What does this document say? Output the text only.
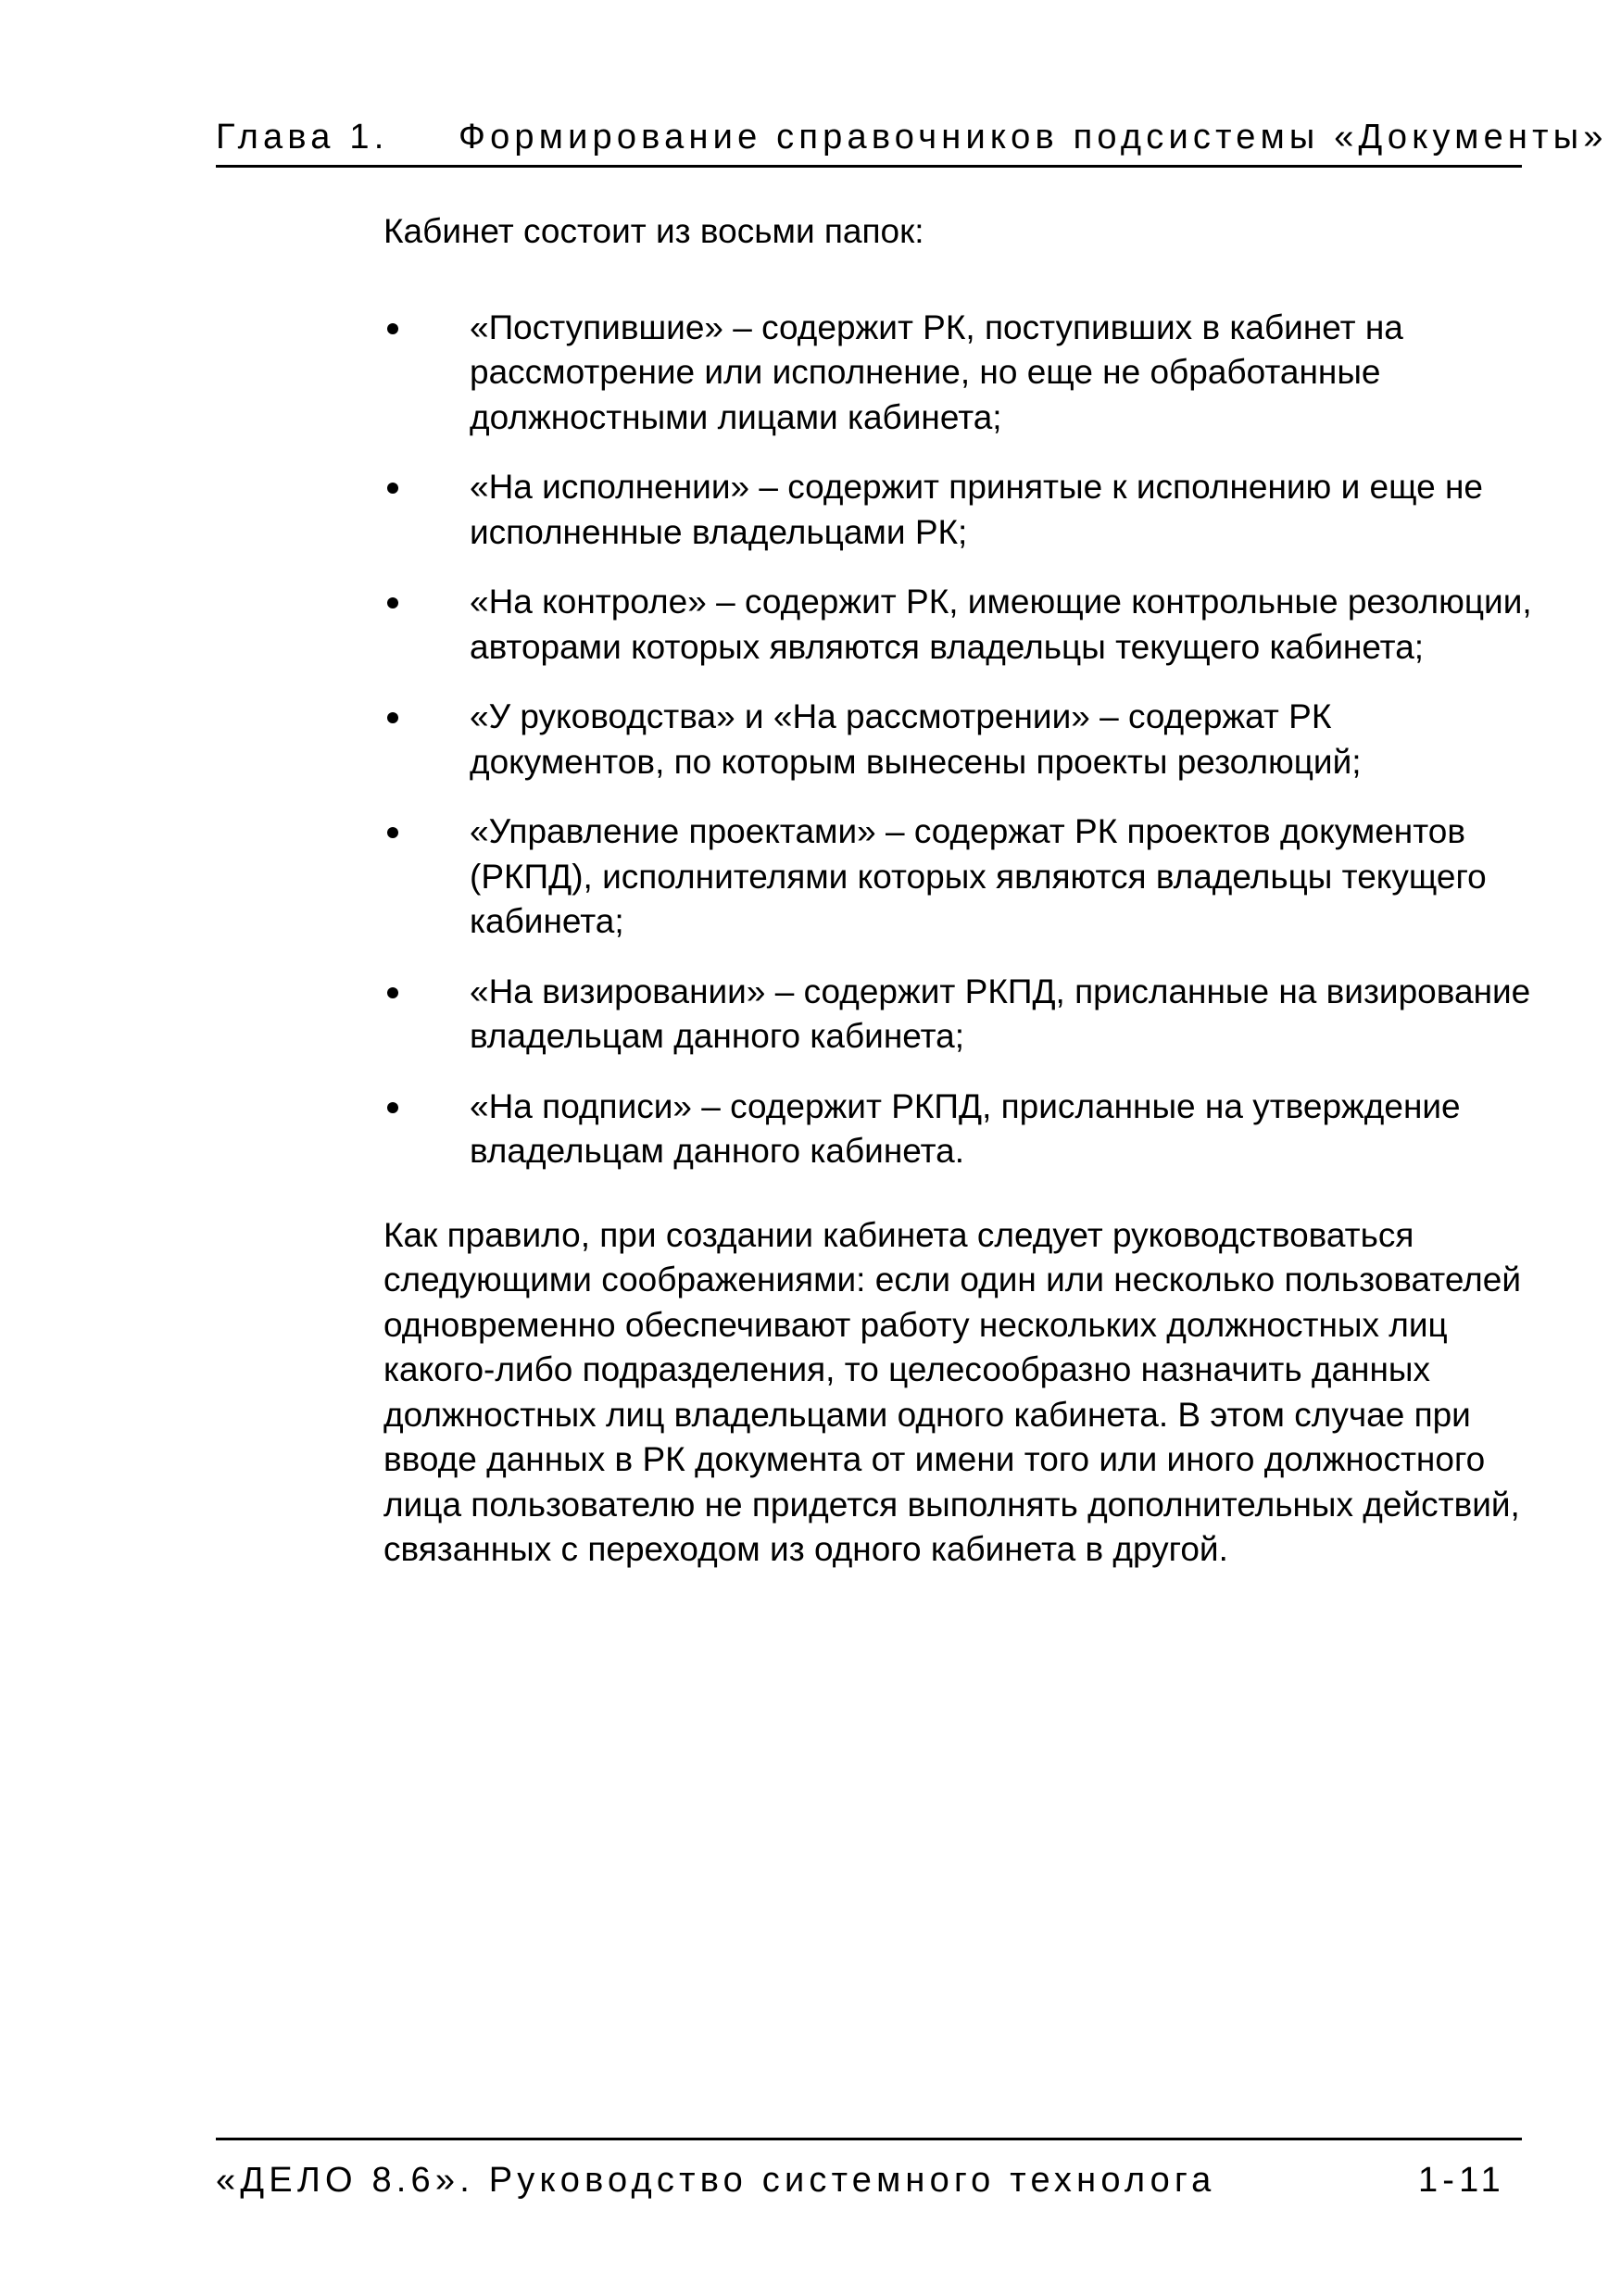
Глава 1. Формирование справочников подсистемы «Документы»

Кабинет состоит из восьми папок:

«Поступившие» – содержит РК, поступивших в кабинет на рассмотрение или исполнение, но еще не обработанные должностными лицами кабинета;
«На исполнении» – содержит принятые к исполнению и еще не исполненные владельцами РК;
«На контроле» – содержит РК, имеющие контрольные резолюции, авторами которых являются владельцы текущего кабинета;
«У руководства» и «На рассмотрении» – содержат РК документов, по которым вынесены проекты резолюций;
«Управление проектами» – содержат РК проектов документов (РКПД), исполнителями которых являются владельцы текущего кабинета;
«На визировании» – содержит РКПД, присланные на визирование владельцам данного кабинета;
«На подписи» – содержит РКПД, присланные на утверждение владельцам данного кабинета.

Как правило, при создании кабинета следует руководствоваться следующими соображениями: если один или несколько пользователей одновременно обеспечивают работу нескольких должностных лиц какого-либо подразделения, то целесообразно назначить данных должностных лиц владельцами одного кабинета. В этом случае при вводе данных в РК документа от имени того или иного должностного лица пользователю не придется выполнять дополнительных действий, связанных с переходом из одного кабинета в другой.

«ДЕЛО 8.6». Руководство системного технолога	1-11
